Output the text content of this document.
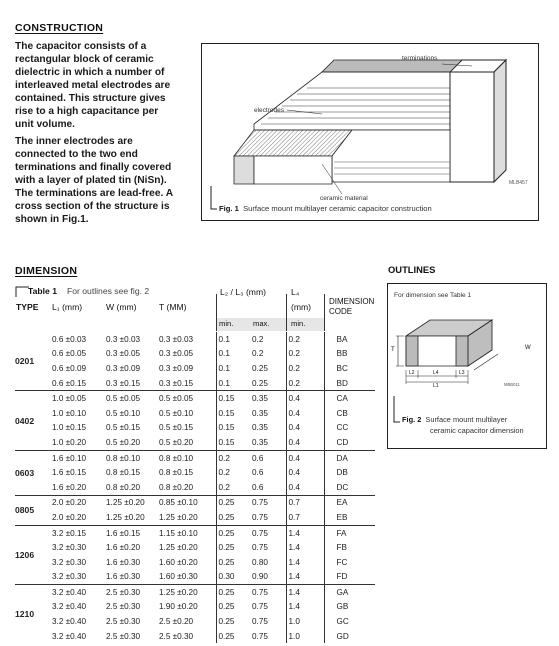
CONSTRUCTION
The capacitor consists of a
rectangular block of ceramic
dielectric in which a number of
interleaved metal electrodes are
contained. This structure gives
rise to a high capacitance per
unit volume.
The inner electrodes are
connected to the two end
terminations and finally covered
with a layer of plated tin (NiSn).
The terminations are lead-free. A
cross section of the structure is
shown in Fig.1.
terminations
electrodes
ceramic material
MLB457
Fig. 1 Surface mount multilayer ceramic capacitor construction
DIMENSION
Table 1 For outlines see fig. 2
TYPE L₁ (mm)	W (mm)	T (MM)
L₂ / L₃ (mm)	L₄
(mm)
DIMENSION
CODE
min.	max.	min.
0201	0.6 ±0.03	0.3 ±0.03	0.3 ±0.03	0.1	0.2	0.2	BA
	0.6 ±0.05	0.3 ±0.05	0.3 ±0.05	0.1	0.2	0.2	BB
	0.6 ±0.09	0.3 ±0.09	0.3 ±0.09	0.1	0.25	0.2	BC
	0.6 ±0.15	0.3 ±0.15	0.3 ±0.15	0.1	0.25	0.2	BD
0402	1.0 ±0.05	0.5 ±0.05	0.5 ±0.05	0.15	0.35	0.4	CA
	1.0 ±0.10	0.5 ±0.10	0.5 ±0.10	0.15	0.35	0.4	CB
	1.0 ±0.15	0.5 ±0.15	0.5 ±0.15	0.15	0.35	0.4	CC
	1.0 ±0.20	0.5 ±0.20	0.5 ±0.20	0.15	0.35	0.4	CD
0603	1.6 ±0.10	0.8 ±0.10	0.8 ±0.10	0.2	0.6	0.4	DA
	1.6 ±0.15	0.8 ±0.15	0.8 ±0.15	0.2	0.6	0.4	DB
	1.6 ±0.20	0.8 ±0.20	0.8 ±0.20	0.2	0.6	0.4	DC
0805	2.0 ±0.20	1.25 ±0.20	0.85 ±0.10	0.25	0.75	0.7	EA
	2.0 ±0.20	1.25 ±0.20	1.25 ±0.20	0.25	0.75	0.7	EB
1206	3.2 ±0.15	1.6 ±0.15	1.15 ±0.10	0.25	0.75	1.4	FA
	3.2 ±0.30	1.6 ±0.20	1.25 ±0.20	0.25	0.75	1.4	FB
	3.2 ±0.30	1.6 ±0.30	1.60 ±0.20	0.25	0.80	1.4	FC
	3.2 ±0.30	1.6 ±0.30	1.60 ±0.30	0.30	0.90	1.4	FD
1210	3.2 ±0.40	2.5 ±0.30	1.25 ±0.20	0.25	0.75	1.4	GA
	3.2 ±0.40	2.5 ±0.30	1.90 ±0.20	0.25	0.75	1.4	GB
	3.2 ±0.40	2.5 ±0.30	2.5 ±0.20	0.25	0.75	1.0	GC
	3.2 ±0.40	2.5 ±0.30	2.5 ±0.30	0.25	0.75	1.0	GD
OUTLINES
For dimension see Table 1
T	W
L2	L4	L3
L1	MBB011
Fig. 2 Surface mount multilayer
ceramic capacitor dimension
